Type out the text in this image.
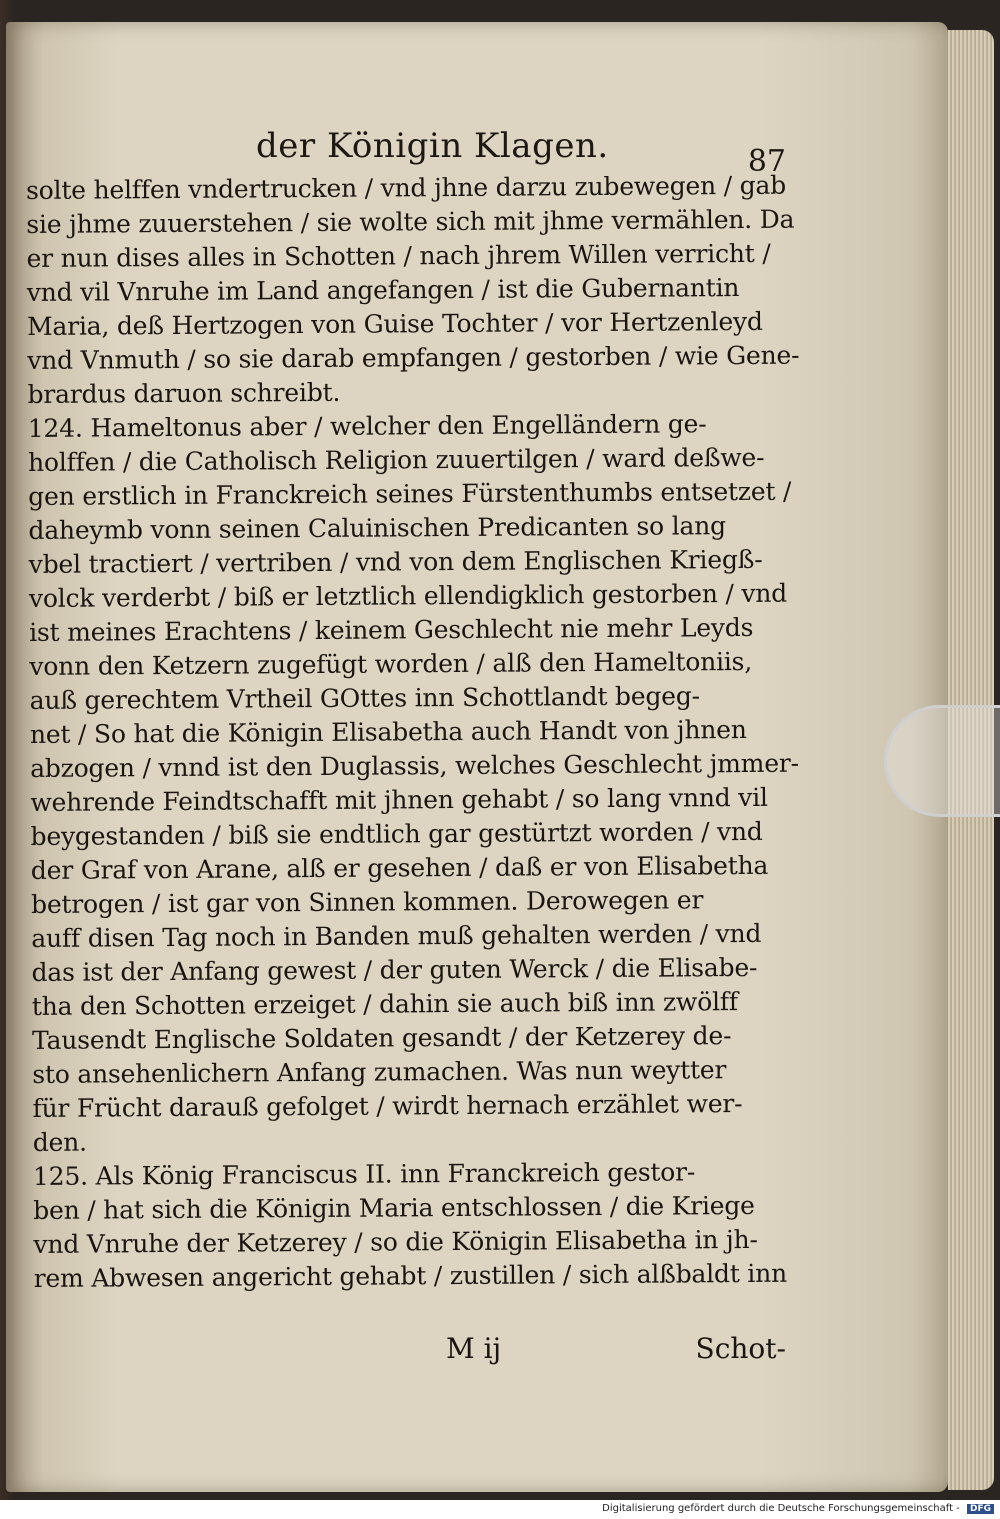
der Königin Klagen.	87
solte helffen vndertrucken / vnd jhne darzu zubewegen / gab
sie jhme zuuerstehen / sie wolte sich mit jhme vermählen. Da
er nun dises alles in Schotten / nach jhrem Willen verricht /
vnd vil Vnruhe im Land angefangen / ist die Gubernantin
Maria, deß Hertzogen von Guise Tochter / vor Hertzenleyd
vnd Vnmuth / so sie darab empfangen / gestorben / wie Gene-
brardus daruon schreibt.
124. Hameltonus aber / welcher den Engelländern ge-
holffen / die Catholisch Religion zuuertilgen / ward deßwe-
gen erstlich in Franckreich seines Fürstenthumbs entsetzet /
daheymb vonn seinen Caluinischen Predicanten so lang
vbel tractiert / vertriben / vnd von dem Englischen Kriegß-
volck verderbt / biß er letztlich ellendigklich gestorben / vnd
ist meines Erachtens / keinem Geschlecht nie mehr Leyds
vonn den Ketzern zugefügt worden / alß den Hameltoniis,
auß gerechtem Vrtheil GOttes inn Schottlandt begeg-
net / So hat die Königin Elisabetha auch Handt von jhnen
abzogen / vnnd ist den Duglassis, welches Geschlecht jmmer-
wehrende Feindtschafft mit jhnen gehabt / so lang vnnd vil
beygestanden / biß sie endtlich gar gestürtzt worden / vnd
der Graf von Arane, alß er gesehen / daß er von Elisabetha
betrogen / ist gar von Sinnen kommen. Derowegen er
auff disen Tag noch in Banden muß gehalten werden / vnd
das ist der Anfang gewest / der guten Werck / die Elisabe-
tha den Schotten erzeiget / dahin sie auch biß inn zwölff
Tausendt Englische Soldaten gesandt / der Ketzerey de-
sto ansehenlichern Anfang zumachen. Was nun weytter
für Frücht darauß gefolget / wirdt hernach erzählet wer-
den.
125. Als König Franciscus II. inn Franckreich gestor-
ben / hat sich die Königin Maria entschlossen / die Kriege
vnd Vnruhe der Ketzerey / so die Königin Elisabetha in jh-
rem Abwesen angericht gehabt / zustillen / sich alßbaldt inn
M ij	Schot-
Digitalisierung gefördert durch die Deutsche Forschungsgemeinschaft - DFG
